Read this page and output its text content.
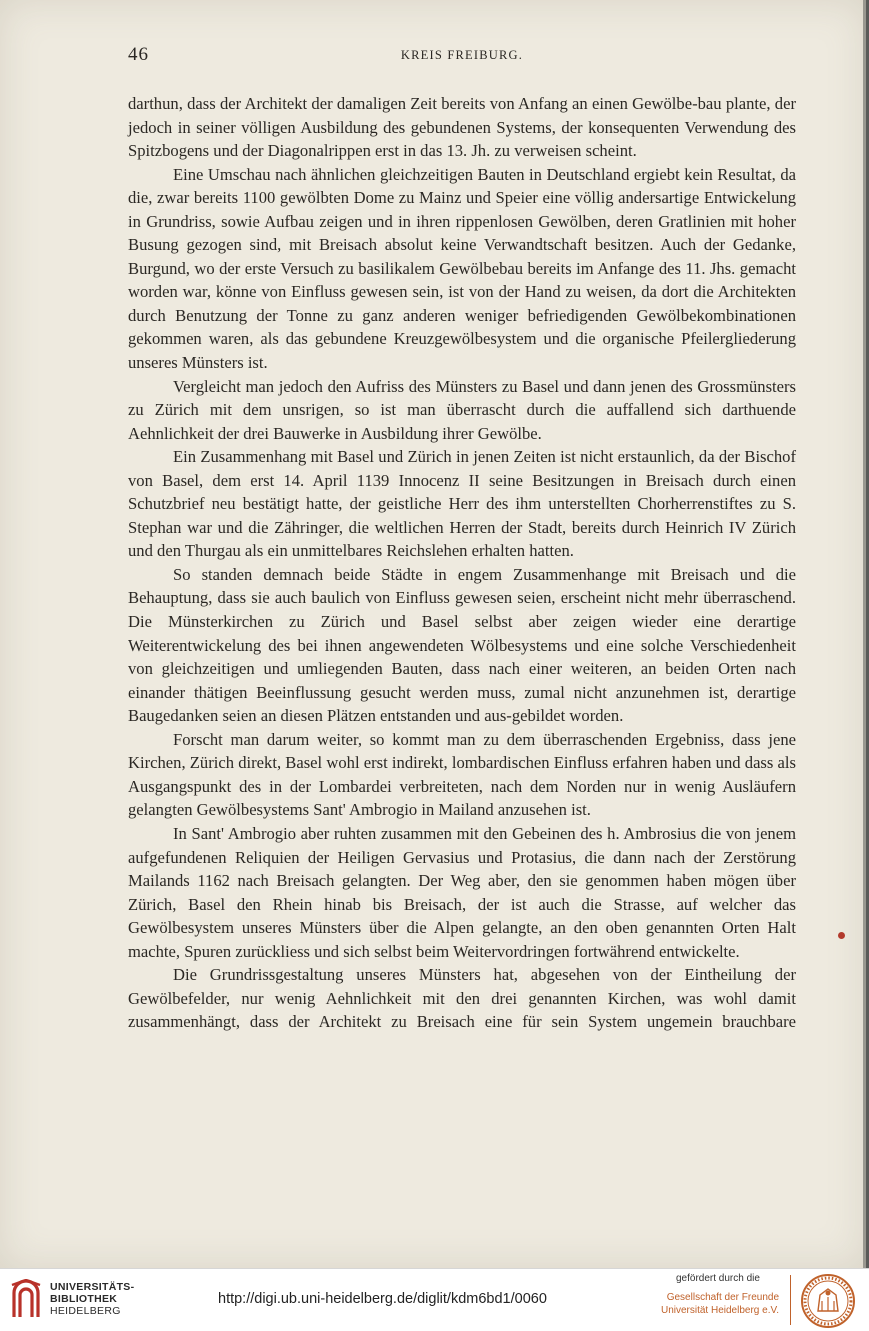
46	KREIS FREIBURG.

darthun, dass der Architekt der damaligen Zeit bereits von Anfang an einen Gewölbe-bau plante, der jedoch in seiner völligen Ausbildung des gebundenen Systems, der konsequenten Verwendung des Spitzbogens und der Diagonalrippen erst in das 13. Jh. zu verweisen scheint.

Eine Umschau nach ähnlichen gleichzeitigen Bauten in Deutschland ergiebt kein Resultat, da die, zwar bereits 1100 gewölbten Dome zu Mainz und Speier eine völlig andersartige Entwickelung in Grundriss, sowie Aufbau zeigen und in ihren rippenlosen Gewölben, deren Gratlinien mit hoher Busung gezogen sind, mit Breisach absolut keine Verwandtschaft besitzen. Auch der Gedanke, Burgund, wo der erste Versuch zu basilikalem Gewölbebau bereits im Anfange des 11. Jhs. gemacht worden war, könne von Einfluss gewesen sein, ist von der Hand zu weisen, da dort die Architekten durch Benutzung der Tonne zu ganz anderen weniger befriedigenden Gewölbekombinationen gekommen waren, als das gebundene Kreuzgewölbesystem und die organische Pfeilergliederung unseres Münsters ist.

Vergleicht man jedoch den Aufriss des Münsters zu Basel und dann jenen des Grossmünsters zu Zürich mit dem unsrigen, so ist man überrascht durch die auffallend sich darthuende Aehnlichkeit der drei Bauwerke in Ausbildung ihrer Gewölbe.

Ein Zusammenhang mit Basel und Zürich in jenen Zeiten ist nicht erstaunlich, da der Bischof von Basel, dem erst 14. April 1139 Innocenz II seine Besitzungen in Breisach durch einen Schutzbrief neu bestätigt hatte, der geistliche Herr des ihm unterstellten Chorherrenstiftes zu S. Stephan war und die Zähringer, die weltlichen Herren der Stadt, bereits durch Heinrich IV Zürich und den Thurgau als ein unmittelbares Reichslehen erhalten hatten.

So standen demnach beide Städte in engem Zusammenhange mit Breisach und die Behauptung, dass sie auch baulich von Einfluss gewesen seien, erscheint nicht mehr überraschend. Die Münsterkirchen zu Zürich und Basel selbst aber zeigen wieder eine derartige Weiterentwickelung des bei ihnen angewendeten Wölbesystems und eine solche Verschiedenheit von gleichzeitigen und umliegenden Bauten, dass nach einer weiteren, an beiden Orten nach einander thätigen Beeinflussung gesucht werden muss, zumal nicht anzunehmen ist, derartige Baugedanken seien an diesen Plätzen entstanden und aus-gebildet worden.

Forscht man darum weiter, so kommt man zu dem überraschenden Ergebniss, dass jene Kirchen, Zürich direkt, Basel wohl erst indirekt, lombardischen Einfluss erfahren haben und dass als Ausgangspunkt des in der Lombardei verbreiteten, nach dem Norden nur in wenig Ausläufern gelangten Gewölbesystems Sant' Ambrogio in Mailand anzusehen ist.

In Sant' Ambrogio aber ruhten zusammen mit den Gebeinen des h. Ambrosius die von jenem aufgefundenen Reliquien der Heiligen Gervasius und Protasius, die dann nach der Zerstörung Mailands 1162 nach Breisach gelangten. Der Weg aber, den sie genommen haben mögen über Zürich, Basel den Rhein hinab bis Breisach, der ist auch die Strasse, auf welcher das Gewölbesystem unseres Münsters über die Alpen gelangte, an den oben genannten Orten Halt machte, Spuren zurückliess und sich selbst beim Weitervordringen fortwährend entwickelte.

Die Grundrissgestaltung unseres Münsters hat, abgesehen von der Eintheilung der Gewölbefelder, nur wenig Aehnlichkeit mit den drei genannten Kirchen, was wohl damit zusammenhängt, dass der Architekt zu Breisach eine für sein System ungemein brauchbare

UNIVERSITÄTS-
BIBLIOTHEK
HEIDELBERG
http://digi.ub.uni-heidelberg.de/diglit/kdm6bd1/0060
gefördert durch die
Gesellschaft der Freunde
Universität Heidelberg e.V.
